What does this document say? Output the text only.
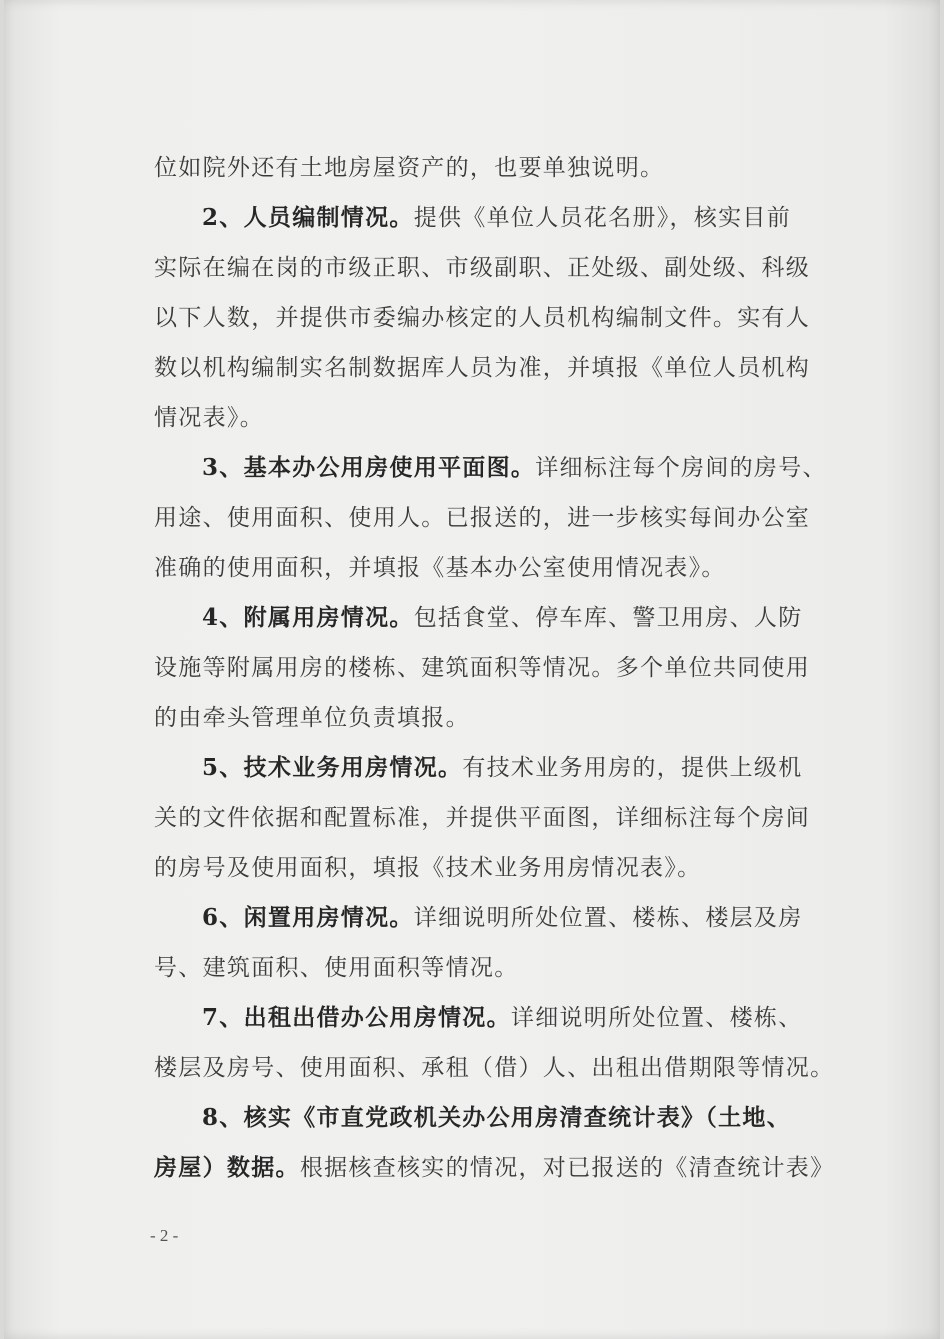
位如院外还有土地房屋资产的，也要单独说明。
2、人员编制情况。提供《单位人员花名册》，核实目前
实际在编在岗的市级正职、市级副职、正处级、副处级、科级
以下人数，并提供市委编办核定的人员机构编制文件。实有人
数以机构编制实名制数据库人员为准，并填报《单位人员机构
情况表》。
3、基本办公用房使用平面图。详细标注每个房间的房号、
用途、使用面积、使用人。已报送的，进一步核实每间办公室
准确的使用面积，并填报《基本办公室使用情况表》。
4、附属用房情况。包括食堂、停车库、警卫用房、人防
设施等附属用房的楼栋、建筑面积等情况。多个单位共同使用
的由牵头管理单位负责填报。
5、技术业务用房情况。有技术业务用房的，提供上级机
关的文件依据和配置标准，并提供平面图，详细标注每个房间
的房号及使用面积，填报《技术业务用房情况表》。
6、闲置用房情况。详细说明所处位置、楼栋、楼层及房
号、建筑面积、使用面积等情况。
7、出租出借办公用房情况。详细说明所处位置、楼栋、
楼层及房号、使用面积、承租（借）人、出租出借期限等情况。
8、核实《市直党政机关办公用房清查统计表》（土地、
房屋）数据。根据核查核实的情况，对已报送的《清查统计表》
- 2 -
